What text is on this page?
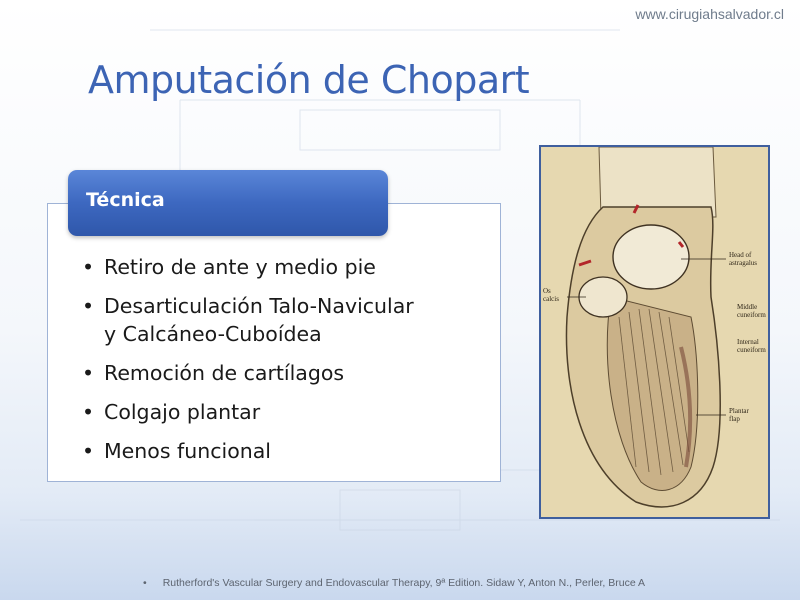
www.cirugiahsalvador.cl
Amputación de Chopart
Técnica
• Retiro de ante y medio pie
• Desarticulación Talo-Navicular
y Calcáneo-Cuboídea
• Remoción de cartílagos
• Colgajo plantar
• Menos funcional
Head of
astragalus
Os
calcis
Middle
cuneiform
Internal
cuneiform
Plantar
flap
• Rutherford's Vascular Surgery and Endovascular Therapy, 9ª Edition. Sidaw Y, Anton N., Perler, Bruce A
